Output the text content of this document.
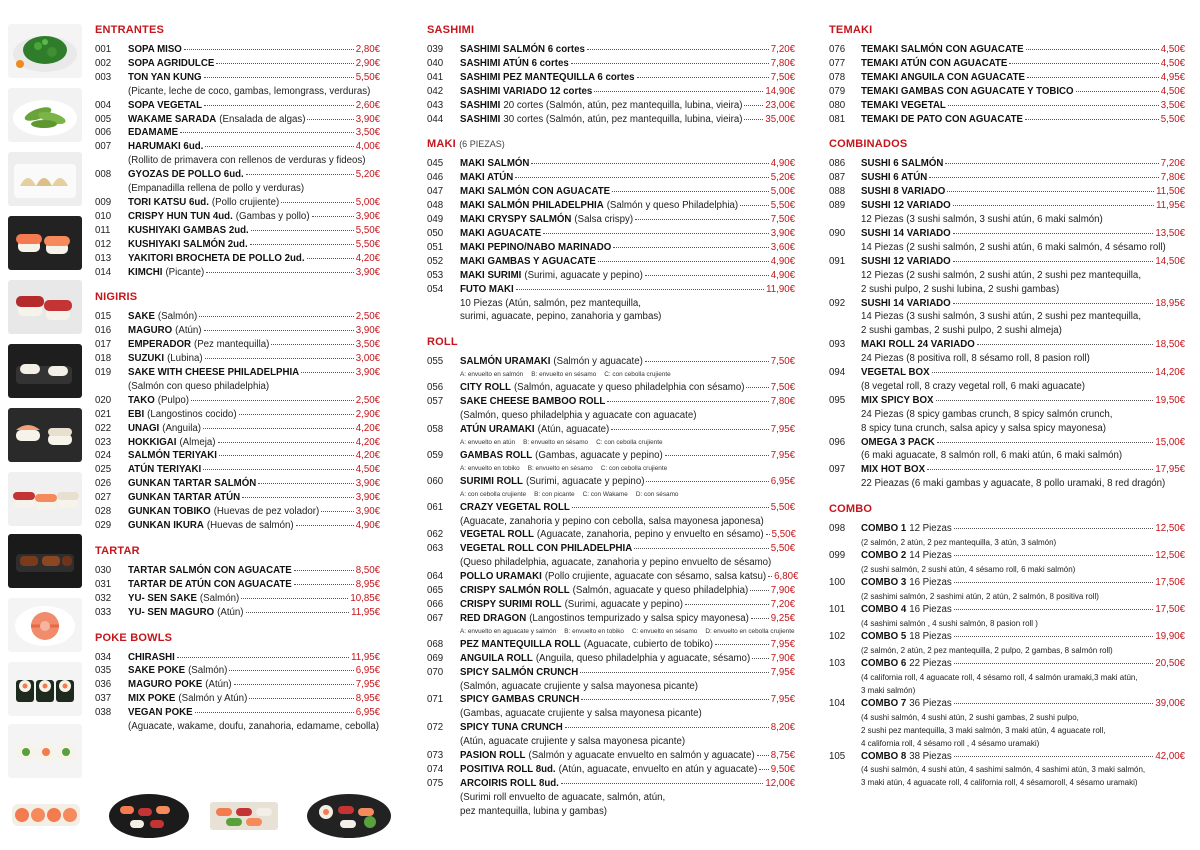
ENTRANTES
001	SOPA MISO	2,80€
002	SOPA AGRIDULCE	2,90€
003	TON YAN KUNG	5,50€
(Picante, leche de coco, gambas, lemongrass, verduras)
004	SOPA VEGETAL	2,60€
005	WAKAME SARADA (Ensalada de algas)	3,90€
006	EDAMAME	3,50€
007	HARUMAKI 6ud.	4,00€
(Rollito de primavera con rellenos de verduras y fideos)
008	GYOZAS DE POLLO 6ud.	5,20€
(Empanadilla rellena de pollo y verduras)
009	TORI KATSU 6ud. (Pollo crujiente)	5,00€
010	CRISPY HUN TUN 4ud. (Gambas y pollo)	3,90€
011	KUSHIYAKI GAMBAS 2ud.	5,50€
012	KUSHIYAKI SALMÓN 2ud.	5,50€
013	YAKITORI BROCHETA DE POLLO 2ud.	4,20€
014	KIMCHI (Picante)	3,90€
NIGIRIS
015	SAKE (Salmón)	2,50€
016	MAGURO (Atún)	3,90€
017	EMPERADOR (Pez mantequilla)	3,50€
018	SUZUKI (Lubina)	3,00€
019	SAKE WITH CHEESE PHILADELPHIA	3,90€
(Salmón con queso philadelphia)
020	TAKO (Pulpo)	2,50€
021	EBI (Langostinos cocido)	2,90€
022	UNAGI (Anguila)	4,20€
023	HOKKIGAI (Almeja)	4,20€
024	SALMÓN TERIYAKI	4,20€
025	ATÚN TERIYAKI	4,50€
026	GUNKAN TARTAR SALMÓN	3,90€
027	GUNKAN TARTAR ATÚN	3,90€
028	GUNKAN TOBIKO (Huevas de pez volador)	3,90€
029	GUNKAN IKURA (Huevas de salmón)	4,90€
TARTAR
030	TARTAR SALMÓN CON AGUACATE	8,50€
031	TARTAR DE ATÚN CON AGUACATE	8,95€
032	YU- SEN SAKE (Salmón)	10,85€
033	YU- SEN MAGURO (Atún)	11,95€
POKE BOWLS
034	CHIRASHI	11,95€
035	SAKE POKE (Salmón)	6,95€
036	MAGURO POKE (Atún)	7,95€
037	MIX POKE (Salmón y Atún)	8,95€
038	VEGAN POKE	6,95€
(Aguacate, wakame, doufu, zanahoria, edamame, cebolla)
SASHIMI
039	SASHIMI SALMÓN 6 cortes	7,20€
040	SASHIMI ATÚN 6 cortes	7,80€
041	SASHIMI PEZ MANTEQUILLA 6 cortes	7,50€
042	SASHIMI VARIADO 12 cortes	14,90€
043	SASHIMI 20 cortes (Salmón, atún, pez mantequilla, lubina, vieira) 23,00€
044	SASHIMI 30 cortes (Salmón, atún, pez mantequilla, lubina, vieira) 35,00€
MAKI (6 PIEZAS)
045	MAKI SALMÓN	4,90€
046	MAKI ATÚN	5,20€
047	MAKI SALMÓN CON AGUACATE	5,00€
048	MAKI SALMÓN PHILADELPHIA (Salmón y queso Philadelphia)	5,50€
049	MAKI CRYSPY SALMÓN (Salsa crispy)	7,50€
050	MAKI AGUACATE	3,90€
051	MAKI PEPINO/NABO MARINADO	3,60€
052	MAKI GAMBAS Y AGUACATE	4,90€
053	MAKI SURIMI (Surimi, aguacate y pepino)	4,90€
054	FUTO MAKI	11,90€
10 Piezas (Atún, salmón, pez mantequilla,
surimi, aguacate, pepino, zanahoria y gambas)
ROLL
055	SALMÓN URAMAKI (Salmón y aguacate)	7,50€
A: envuelto en salmón B: envuelto en sésamo C: con cebolla crujiente
056	CITY ROLL (Salmón, aguacate y queso philadelphia con sésamo)	7,50€
057	SAKE CHEESE BAMBOO ROLL	7,80€
(Salmón, queso philadelphia y aguacate con aguacate)
058	ATÚN URAMAKI (Atún, aguacate)	7,95€
A: envuelto en atún B: envuelto en sésamo C: con cebolla crujiente
059	GAMBAS ROLL (Gambas, aguacate y pepino)	7,95€
A: envuelto en tobiko B: envuelto en sésamo C: con cebolla crujiente
060	SURIMI ROLL (Surimi, aguacate y pepino)	6,95€
A: con cebolla crujiente B: con picante C: con Wakame D: con sésamo
061	CRAZY VEGETAL ROLL	5,50€
(Aguacate, zanahoria y pepino con cebolla, salsa mayonesa japonesa)
062	VEGETAL ROLL (Aguacate, zanahoria, pepino y envuelto en sésamo) 5,50€
063	VEGETAL ROLL CON PHILADELPHIA	5,50€
(Queso philadelphia, aguacate, zanahoria y pepino envuelto de sésamo)
064	POLLO URAMAKI (Pollo crujiente, aguacate con sésamo, salsa katsu) 6,80€
065	CRISPY SALMÓN ROLL (Salmón, aguacate y queso philadelphia) 7,90€
066	CRISPY SURIMI ROLL (Surimi, aguacate y pepino)	7,20€
067	RED DRAGON (Langostinos tempurizado y salsa spicy mayonesa) 9,25€
A: envuelto en aguacate y salmón B: envuelto en tobiko C: envuelto en sésamo D: envuelto en cebolla crujiente
068	PEZ MANTEQUILLA ROLL (Aguacate, cubierto de tobiko)	7,95€
069	ANGUILA ROLL (Anguila, queso philadelphia y aguacate, sésamo) 7,90€
070	SPICY SALMÓN CRUNCH	7,95€
(Salmón, aguacate crujiente y salsa mayonesa picante)
071	SPICY GAMBAS CRUNCH	7,95€
(Gambas, aguacate crujiente y salsa mayonesa picante)
072	SPICY TUNA CRUNCH	8,20€
(Atún, aguacate crujiente y salsa mayonesa picante)
073	PASION ROLL (Salmón y aguacate envuelto en salmón y aguacate) 8,75€
074	POSITIVA ROLL 8ud. (Atún, aguacate, envuelto en atún y aguacate) 9,50€
075	ARCOIRIS ROLL 8ud.	12,00€
(Surimi roll envuelto de aguacate, salmón, atún,
pez mantequilla, lubina y gambas)
TEMAKI
076	TEMAKI SALMÓN CON AGUACATE	4,50€
077	TEMAKI ATÚN CON AGUACATE	4,50€
078	TEMAKI ANGUILA CON AGUACATE	4,95€
079	TEMAKI GAMBAS CON AGUACATE Y TOBICO	4,50€
080	TEMAKI VEGETAL	3,50€
081	TEMAKI DE PATO CON AGUACATE	5,50€
COMBINADOS
086	SUSHI 6 SALMÓN	7,20€
087	SUSHI 6 ATÚN	7,80€
088	SUSHI 8 VARIADO	11,50€
089	SUSHI 12 VARIADO	11,95€
12 Piezas (3 sushi salmón, 3 sushi atún, 6 maki salmón)
090	SUSHI 14 VARIADO	13,50€
14 Piezas (2 sushi salmón, 2 sushi atún, 6 maki salmón, 4 sésamo roll)
091	SUSHI 12 VARIADO	14,50€
12 Piezas (2 sushi salmón, 2 sushi atún, 2 sushi pez mantequilla,
2 sushi pulpo, 2 sushi lubina, 2 sushi gambas)
092	SUSHI 14 VARIADO	18,95€
14 Piezas (3 sushi salmón, 3 sushi atún, 2 sushi pez mantequilla,
2 sushi gambas, 2 sushi pulpo, 2 sushi almeja)
093	MAKI ROLL 24 VARIADO	18,50€
24 Piezas (8 positiva roll, 8 sésamo roll, 8 pasion roll)
094	VEGETAL BOX	14,20€
(8 vegetal roll, 8 crazy vegetal roll, 6 maki aguacate)
095	MIX SPICY BOX	19,50€
24 Piezas (8 spicy gambas crunch, 8 spicy salmón crunch,
8 spicy tuna crunch, salsa apicy y salsa spicy mayonesa)
096	OMEGA 3 PACK	15,00€
(6 maki aguacate, 8 salmón roll, 6 maki atún, 6 maki salmón)
097	MIX HOT BOX	17,95€
22 Pieazas (6 maki gambas y aguacate, 8 pollo uramaki, 8 red dragón)
COMBO
098	COMBO 1 12 Piezas	12,50€
(2 salmón, 2 atún, 2 pez mantequilla, 3 atún, 3 salmón)
099	COMBO 2 14 Piezas	12,50€
(2 sushi salmón, 2 sushi atún, 4 sésamo roll, 6 maki salmón)
100	COMBO 3 16 Piezas	17,50€
(2 sashimi salmón, 2 sashimi atún, 2 atún, 2 salmón, 8 positiva roll)
101	COMBO 4 16 Piezas	17,50€
(4 sashimi salmón , 4 sushi salmón, 8 pasion roll )
102	COMBO 5 18 Piezas	19,90€
(2 salmón, 2 atún, 2 pez mantequilla, 2 pulpo, 2 gambas, 8 salmón roll)
103	COMBO 6 22 Piezas	20,50€
(4 california roll, 4 aguacate roll, 4 sésamo roll, 4 salmón uramaki,3 maki atún,
3 maki salmón)
104	COMBO 7 36 Piezas	39,00€
(4 sushi salmón, 4 sushi atún, 2 sushi gambas, 2 sushi pulpo,
2 sushi pez mantequilla, 3 maki salmón, 3 maki atún, 4 aguacate roll,
4 california roll, 4 sésamo roll , 4 sésamo uramaki)
105	COMBO 8 38 Piezas	42,00€
(4 sushi salmón, 4 sushi atún, 4 sashimi salmón, 4 sashimi atún, 3 maki salmón,
3 maki atún, 4 aguacate roll, 4 california roll, 4 sésamoroll, 4 sésamo uramaki)
